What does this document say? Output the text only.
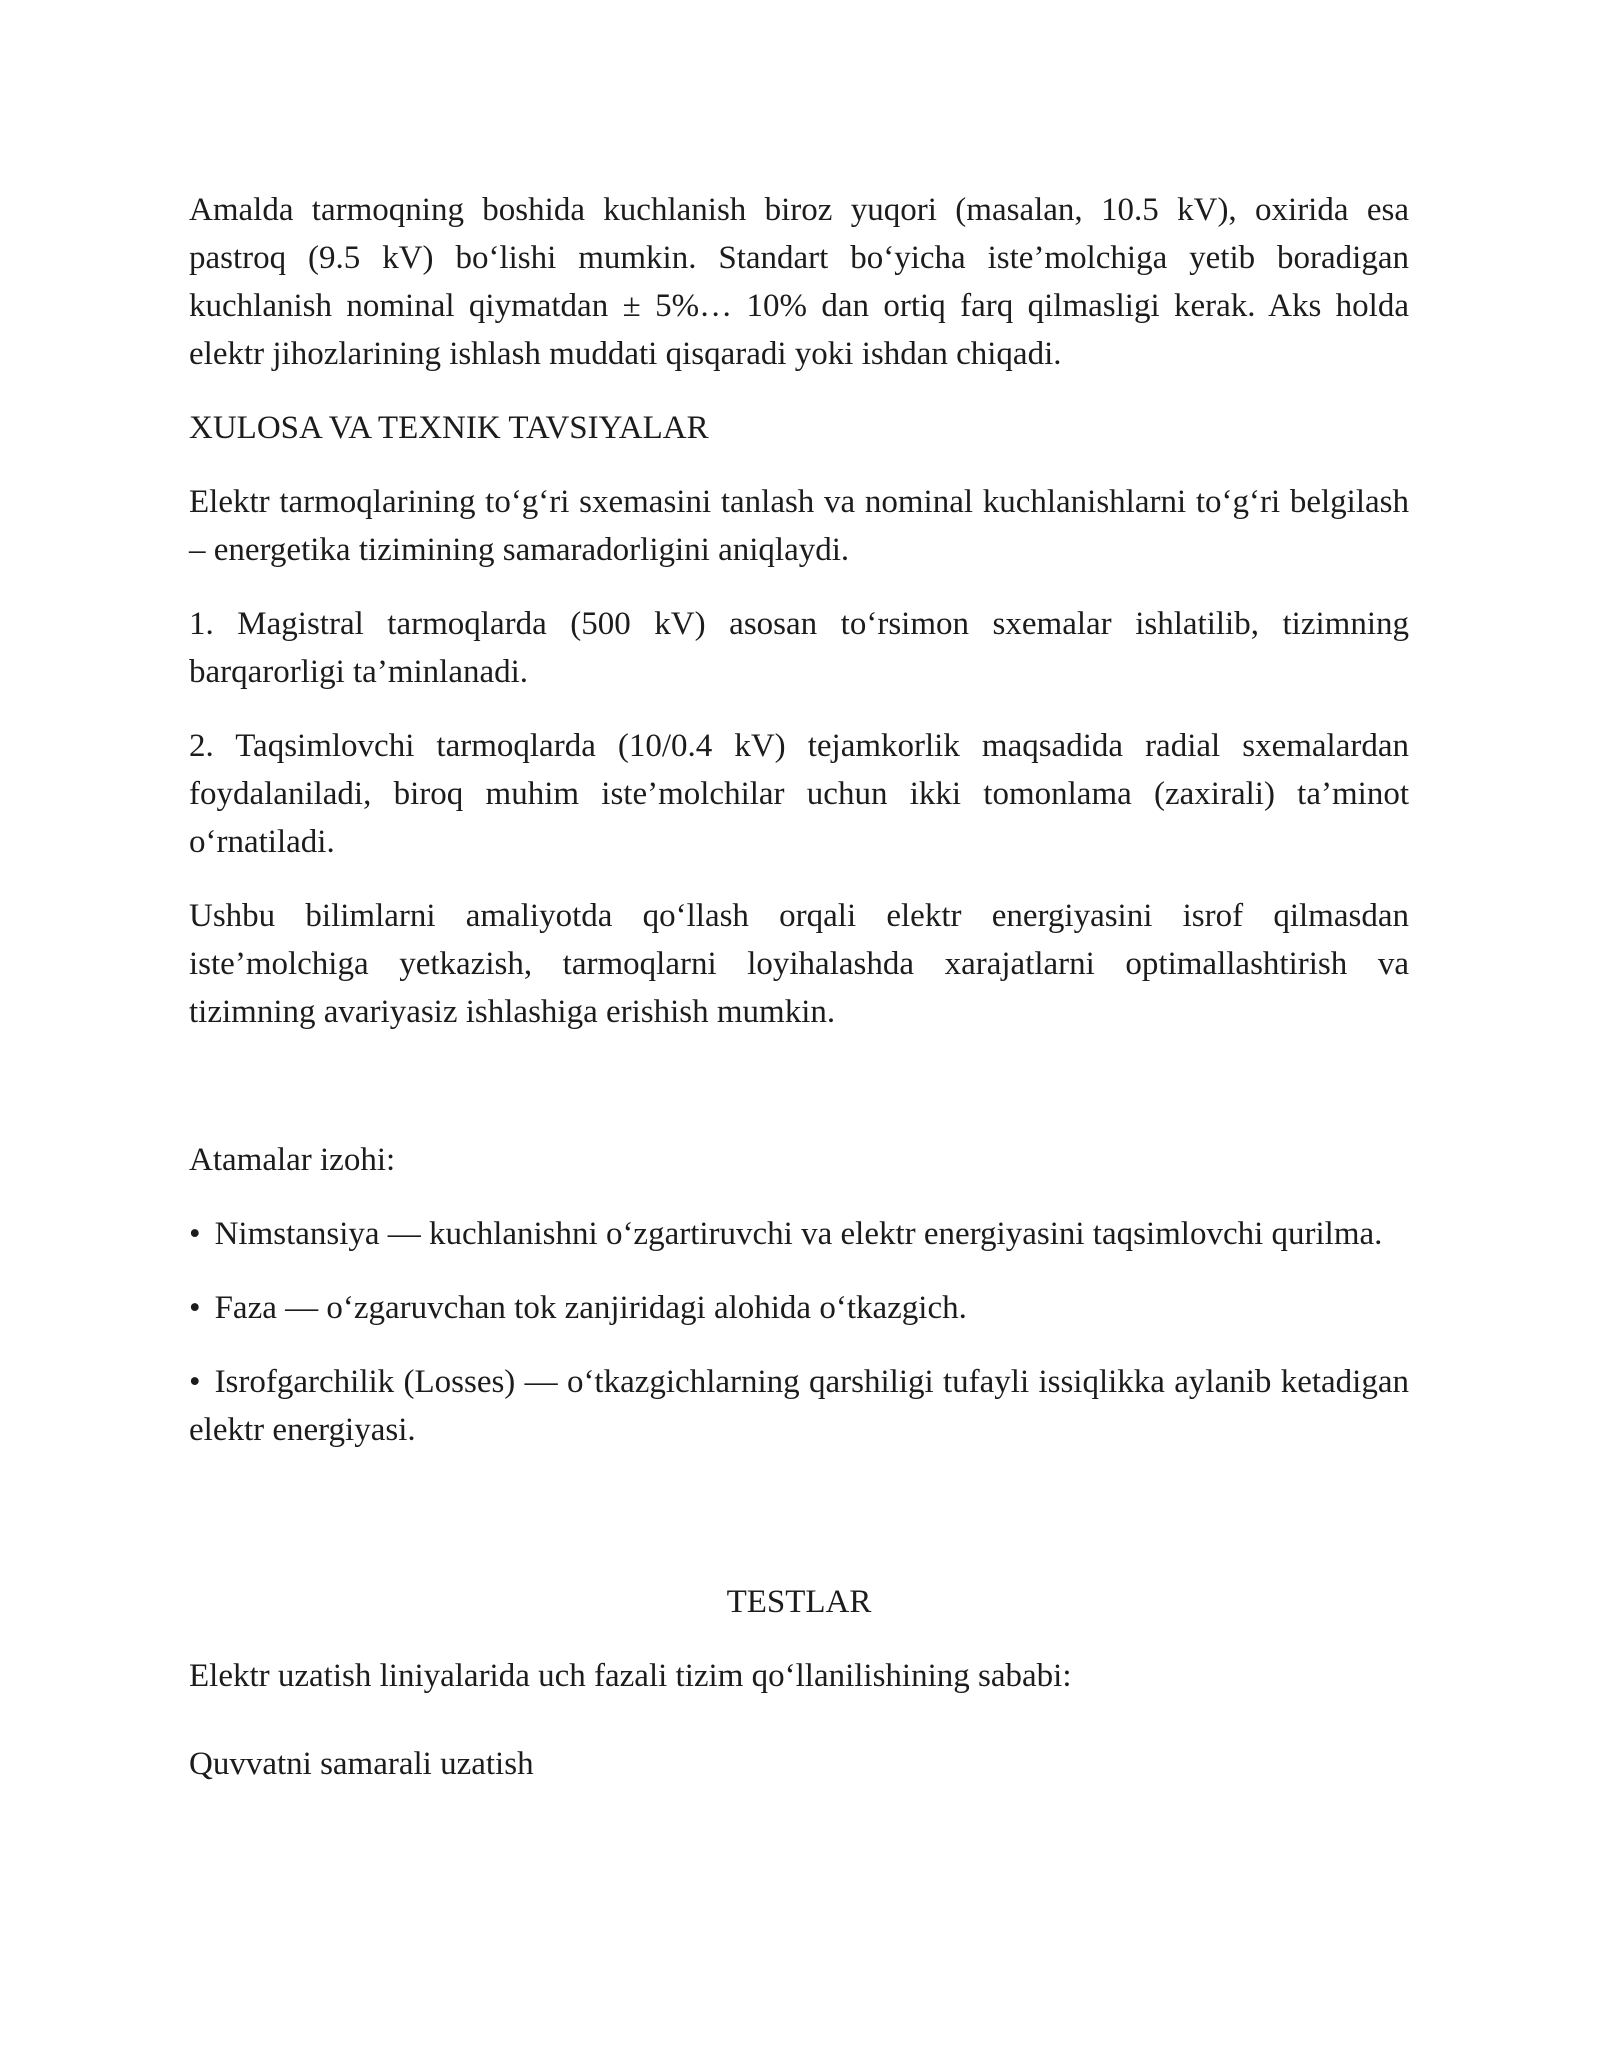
Amalda tarmoqning boshida kuchlanish biroz yuqori (masalan, 10.5 kV), oxirida esa pastroq (9.5 kV) bo‘lishi mumkin. Standart bo‘yicha iste’molchiga yetib boradigan kuchlanish nominal qiymatdan ± 5%… 10% dan ortiq farq qilmasligi kerak. Aks holda elektr jihozlarining ishlash muddati qisqaradi yoki ishdan chiqadi.

XULOSA VA TEXNIK TAVSIYALAR

Elektr tarmoqlarining to‘g‘ri sxemasini tanlash va nominal kuchlanishlarni to‘g‘ri belgilash – energetika tizimining samaradorligini aniqlaydi.

1. Magistral tarmoqlarda (500 kV) asosan to‘rsimon sxemalar ishlatilib, tizimning barqarorligi ta’minlanadi.

2. Taqsimlovchi tarmoqlarda (10/0.4 kV) tejamkorlik maqsadida radial sxemalardan foydalaniladi, biroq muhim iste’molchilar uchun ikki tomonlama (zaxirali) ta’minot o‘rnatiladi.

Ushbu bilimlarni amaliyotda qo‘llash orqali elektr energiyasini isrof qilmasdan iste’molchiga yetkazish, tarmoqlarni loyihalashda xarajatlarni optimallashtirish va tizimning avariyasiz ishlashiga erishish mumkin.

Atamalar izohi:

• Nimstansiya — kuchlanishni o‘zgartiruvchi va elektr energiyasini taqsimlovchi qurilma.

• Faza — o‘zgaruvchan tok zanjiridagi alohida o‘tkazgich.

• Isrofgarchilik (Losses) — o‘tkazgichlarning qarshiligi tufayli issiqlikka aylanib ketadigan elektr energiyasi.

TESTLAR

Elektr uzatish liniyalarida uch fazali tizim qo‘llanilishining sababi:

Quvvatni samarali uzatish
